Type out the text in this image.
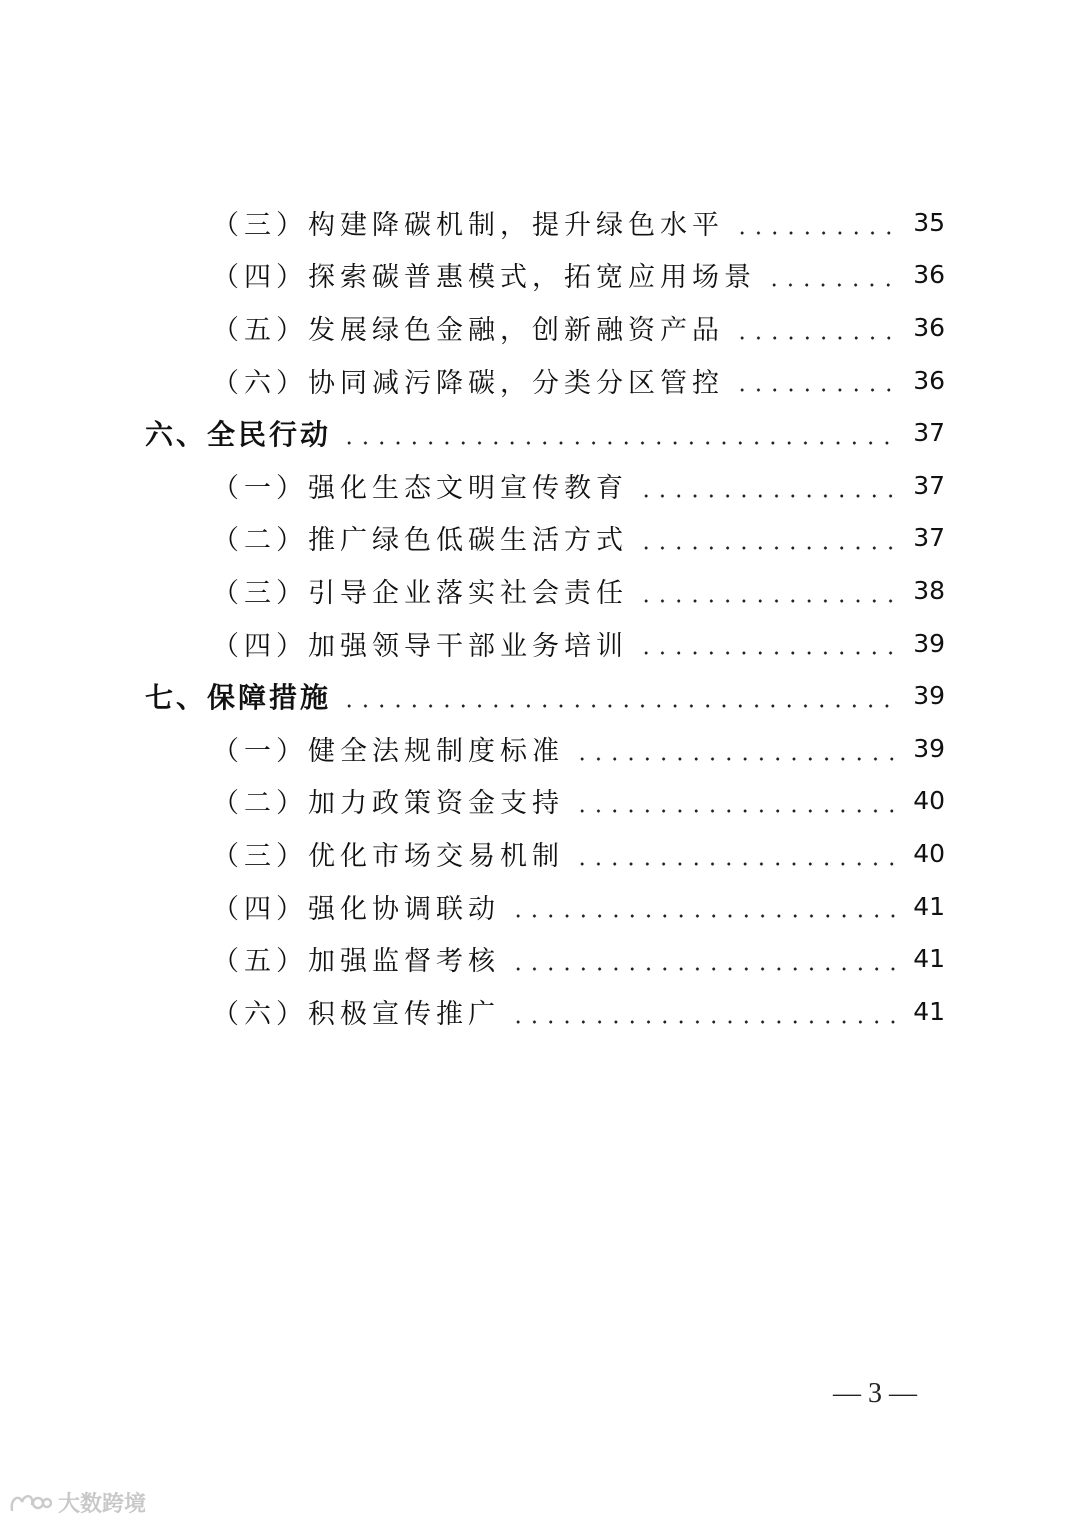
（三）构建降碳机制，提升绿色水平	35
（四）探索碳普惠模式，拓宽应用场景	36
（五）发展绿色金融，创新融资产品	36
（六）协同减污降碳，分类分区管控	36
六、全民行动	37
（一）强化生态文明宣传教育	37
（二）推广绿色低碳生活方式	37
（三）引导企业落实社会责任	38
（四）加强领导干部业务培训	39
七、保障措施	39
（一）健全法规制度标准	39
（二）加力政策资金支持	40
（三）优化市场交易机制	40
（四）强化协调联动	41
（五）加强监督考核	41
（六）积极宣传推广	41
— 3 —
大数跨境
